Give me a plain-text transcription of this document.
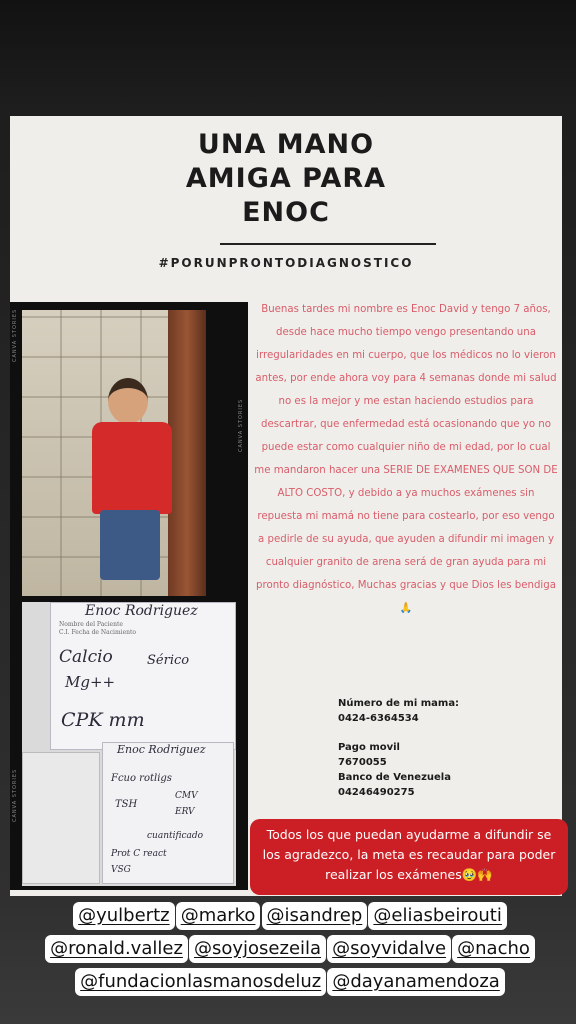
UNA MANO
AMIGA PARA
ENOC
#PORUNPRONTODIAGNOSTICO
CANVA STORIES
CANVA STORIES
CANVA STORIES
Enoc Rodriguez
Nombre del Paciente
C.I. Fecha de Nacimiento
Calcio	Sérico
Mg++
CPK mm
Enoc Rodriguez
Fcuo rotligs
TSH
CMV
ERV
cuantificado
Prot C react
VSG
Buenas tardes mi nombre es Enoc David y tengo 7 años, desde hace mucho tiempo vengo presentando una irregularidades en mi cuerpo, que los médicos no lo vieron antes, por ende ahora voy para 4 semanas donde mi salud no es la mejor y me estan haciendo estudios para descartrar, que enfermedad está ocasionando que yo no puede estar como cualquier niño de mi edad, por lo cual me mandaron hacer una SERIE DE EXAMENES QUE SON DE ALTO COSTO, y debido a ya muchos exámenes sin repuesta mi mamá no tiene para costearlo, por eso vengo a pedirle de su ayuda, que ayuden a difundir mi imagen y cualquier granito de arena será de gran ayuda para mi pronto diagnóstico, Muchas gracias y que Dios les bendiga🙏
Número de mi mama:
0424-6364534
Pago movil
7670055
Banco de Venezuela
04246490275
Todos los que puedan ayudarme a difundir se los agradezco, la meta es recaudar para poder realizar los exámenes🥹🙌
@yulbertz @marko @isandrep @eliasbeirouti
@ronald.vallez @soyjosezeila @soyvidalve @nacho
@fundacionlasmanosdeluz @dayanamendoza
